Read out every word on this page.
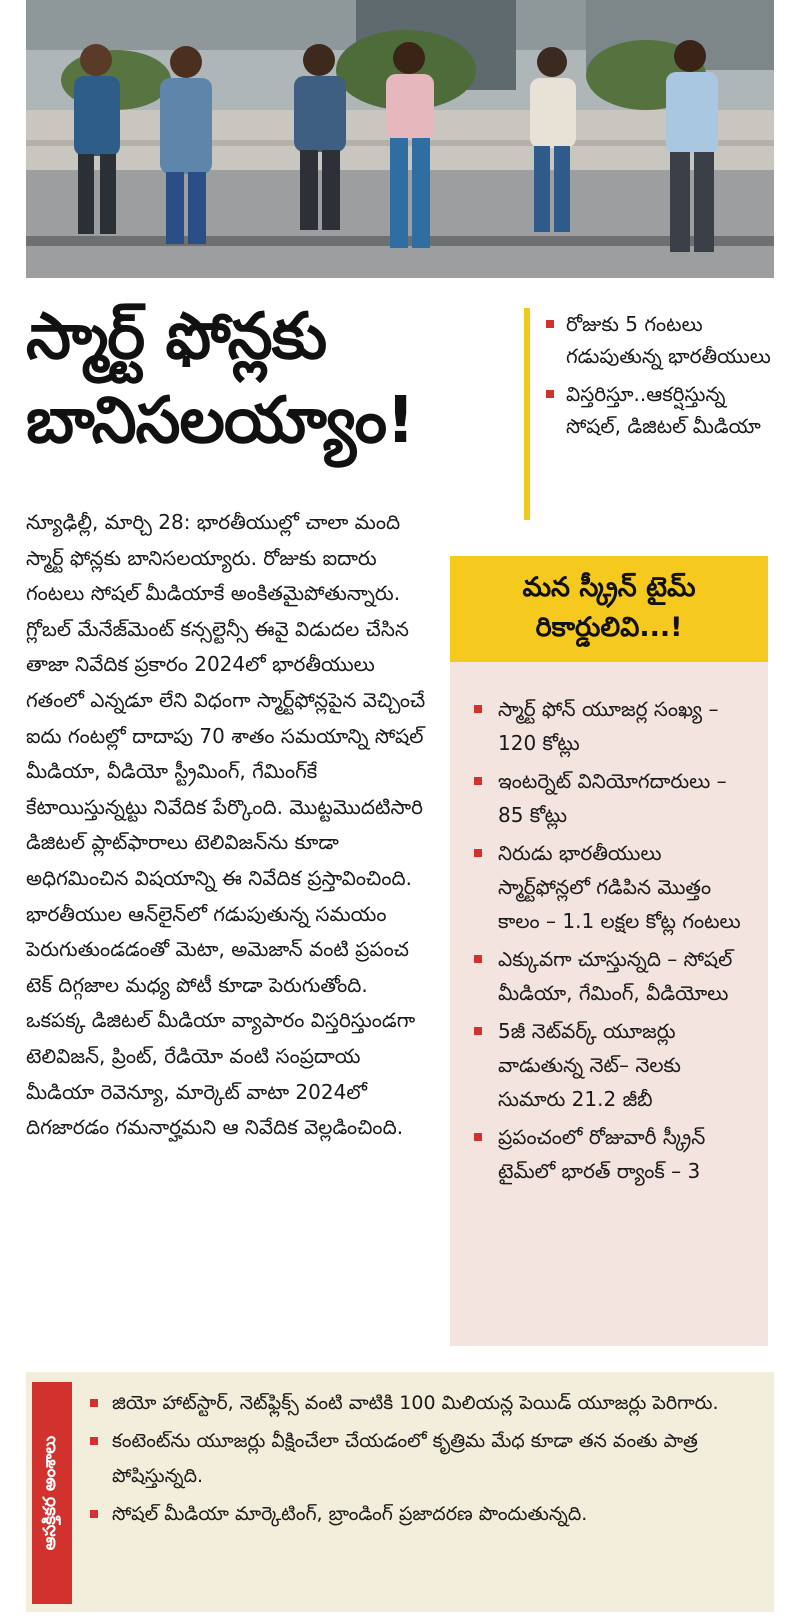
స్మార్ట్ ఫోన్లకు
బానిసలయ్యాం!
రోజుకు 5 గంటలు గడుపుతున్న భారతీయులు
విస్తరిస్తూ..ఆకర్షిస్తున్న సోషల్, డిజిటల్ మీడియా
న్యూఢిల్లీ, మార్చి 28: భారతీయుల్లో చాలా మంది స్మార్ట్ ఫోన్లకు బానిసలయ్యారు. రోజుకు ఐదారు గంటలు సోషల్ మీడియాకే అంకితమైపోతున్నారు. గ్లోబల్ మేనేజ్‌మెంట్ కన్సల్టెన్సీ ఈవై విడుదల చేసిన తాజా నివేదిక ప్రకారం 2024లో భారతీయులు గతంలో ఎన్నడూ లేని విధంగా స్మార్ట్‌ఫోన్లపైన వెచ్చించే ఐదు గంటల్లో దాదాపు 70 శాతం సమయాన్ని సోషల్ మీడియా, వీడియో స్ట్రీమింగ్, గేమింగ్‌కే కేటాయిస్తున్నట్టు నివేదిక పేర్కొంది. మొట్టమొదటిసారి డిజిటల్ ప్లాట్‌ఫారాలు టెలివిజన్‌ను కూడా అధిగమించిన విషయాన్ని ఈ నివేదిక ప్రస్తావించింది. భారతీయుల ఆన్‌లైన్‌లో గడుపుతున్న సమయం పెరుగుతుండడంతో మెటా, అమెజాన్ వంటి ప్రపంచ టెక్ దిగ్గజాల మధ్య పోటీ కూడా పెరుగుతోంది. ఒకపక్క డిజిటల్ మీడియా వ్యాపారం విస్తరిస్తుండగా టెలివిజన్, ప్రింట్, రేడియో వంటి సంప్రదాయ మీడియా రెవెన్యూ, మార్కెట్ వాటా 2024లో దిగజారడం గమనార్హమని ఆ నివేదిక వెల్లడించింది.
మన స్క్రీన్ టైమ్ రికార్డులివి...!
స్మార్ట్ ఫోన్ యూజర్ల సంఖ్య – 120 కోట్లు
ఇంటర్నెట్ వినియోగదారులు – 85 కోట్లు
నిరుడు భారతీయులు స్మార్ట్‌ఫోన్లలో గడిపిన మొత్తం కాలం – 1.1 లక్షల కోట్ల గంటలు
ఎక్కువగా చూస్తున్నది – సోషల్ మీడియా, గేమింగ్, వీడియోలు
5జీ నెట్‌వర్క్ యూజర్లు వాడుతున్న నెట్– నెలకు సుమారు 21.2 జీబీ
ప్రపంచంలో రోజువారీ స్క్రీన్ టైమ్‌లో భారత్ ర్యాంక్ – 3
ఆసక్తికర అంశాలు
జియో హాట్‌స్టార్, నెట్‌ఫ్లిక్స్ వంటి వాటికి 100 మిలియన్ల పెయిడ్ యూజర్లు పెరిగారు.
కంటెంట్‌ను యూజర్లు వీక్షించేలా చేయడంలో కృత్రిమ మేధ కూడా తన వంతు పాత్ర పోషిస్తున్నది.
సోషల్ మీడియా మార్కెటింగ్, బ్రాండింగ్ ప్రజాదరణ పొందుతున్నది.
